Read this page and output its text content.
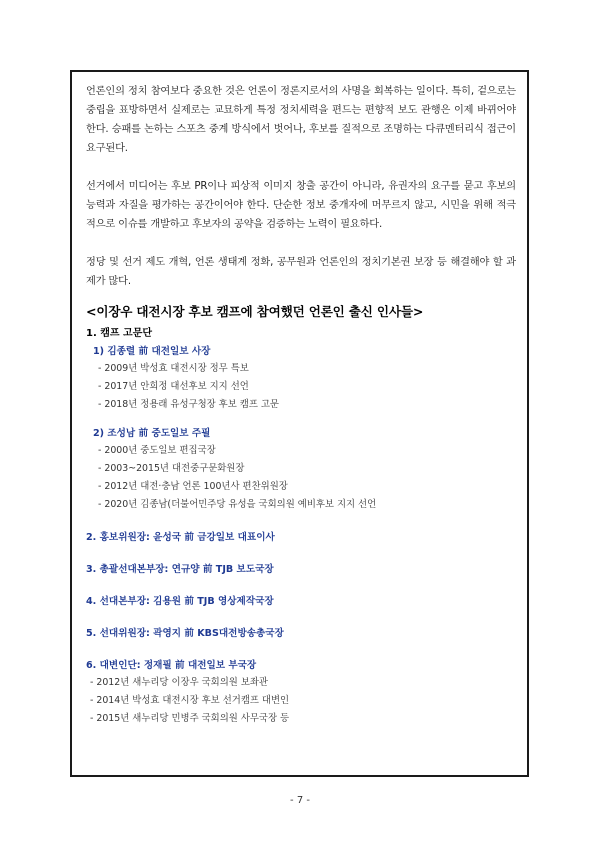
언론인의 정치 참여보다 중요한 것은 언론이 정론지로서의 사명을 회복하는 일이다. 특히, 겉으로는 중립을 표방하면서 실제로는 교묘하게 특정 정치세력을 편드는 편향적 보도 관행은 이제 바뀌어야 한다. 승패를 논하는 스포츠 중계 방식에서 벗어나, 후보를 질적으로 조명하는 다큐멘터리식 접근이 요구된다.

선거에서 미디어는 후보 PR이나 피상적 이미지 창출 공간이 아니라, 유권자의 요구를 묻고 후보의 능력과 자질을 평가하는 공간이어야 한다. 단순한 정보 중개자에 머무르지 않고, 시민을 위해 적극적으로 이슈를 개발하고 후보자의 공약을 검증하는 노력이 필요하다.

정당 및 선거 제도 개혁, 언론 생태계 정화, 공무원과 언론인의 정치기본권 보장 등 해결해야 할 과제가 많다.

<이장우 대전시장 후보 캠프에 참여했던 언론인 출신 인사들>
1. 캠프 고문단
1) 김종렬 前 대전일보 사장
- 2009년 박성효 대전시장 정무 특보
- 2017년 안희정 대선후보 지지 선언
- 2018년 정용래 유성구청장 후보 캠프 고문
2) 조성남 前 중도일보 주필
- 2000년 중도일보 편집국장
- 2003~2015년 대전중구문화원장
- 2012년 대전·충남 언론 100년사 편찬위원장
- 2020년 김종남(더불어민주당 유성을 국회의원 예비후보 지지 선언
2. 홍보위원장: 윤성국 前 금강일보 대표이사
3. 총괄선대본부장: 연규양 前 TJB 보도국장
4. 선대본부장: 김용원 前 TJB 영상제작국장
5. 선대위원장: 곽영지 前 KBS대전방송총국장
6. 대변인단: 정재필 前 대전일보 부국장
- 2012년 새누리당 이장우 국회의원 보좌관
- 2014년 박성효 대전시장 후보 선거캠프 대변인
- 2015년 새누리당 민병주 국회의원 사무국장 등
- 7 -
